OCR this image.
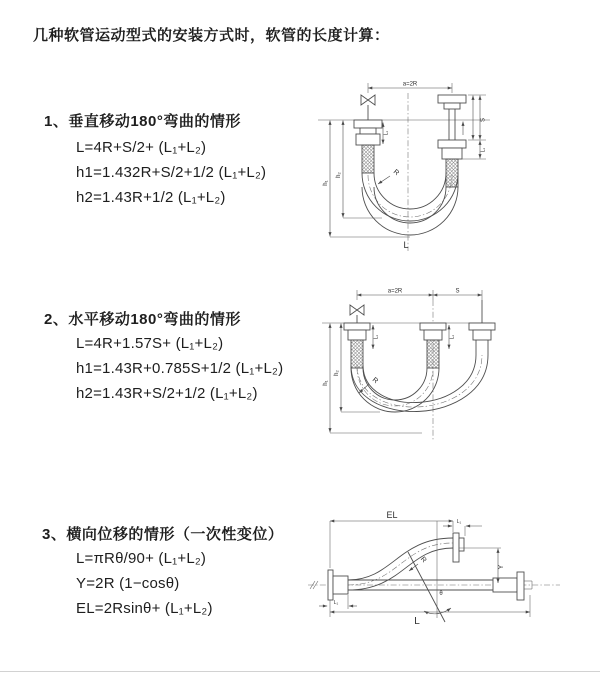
几种软管运动型式的安装方式时，软管的长度计算：
1、垂直移动180°弯曲的情形
L=4R+S/2+ (L₁+L₂)
h1=1.432R+S/2+1/2 (L₁+L₂)
h2=1.43R+1/2 (L₁+L₂)
2、水平移动180°弯曲的情形
L=4R+1.57S+ (L₁+L₂)
h1=1.43R+0.785S+1/2 (L₁+L₂)
h2=1.43R+S/2+1/2 (L₁+L₂)
3、横向位移的情形（一次性变位）
L=πRθ/90+ (L₁+L₂)
Y=2R (1−cosθ)
EL=2Rsinθ+ (L₁+L₂)
a=2R
L₁
S
L₁
h₁
h₂	R
L
a=2R	S
L₁	L₁
h₁
h₂
R
EL
L₁
Y
θ
R
L₁
L
